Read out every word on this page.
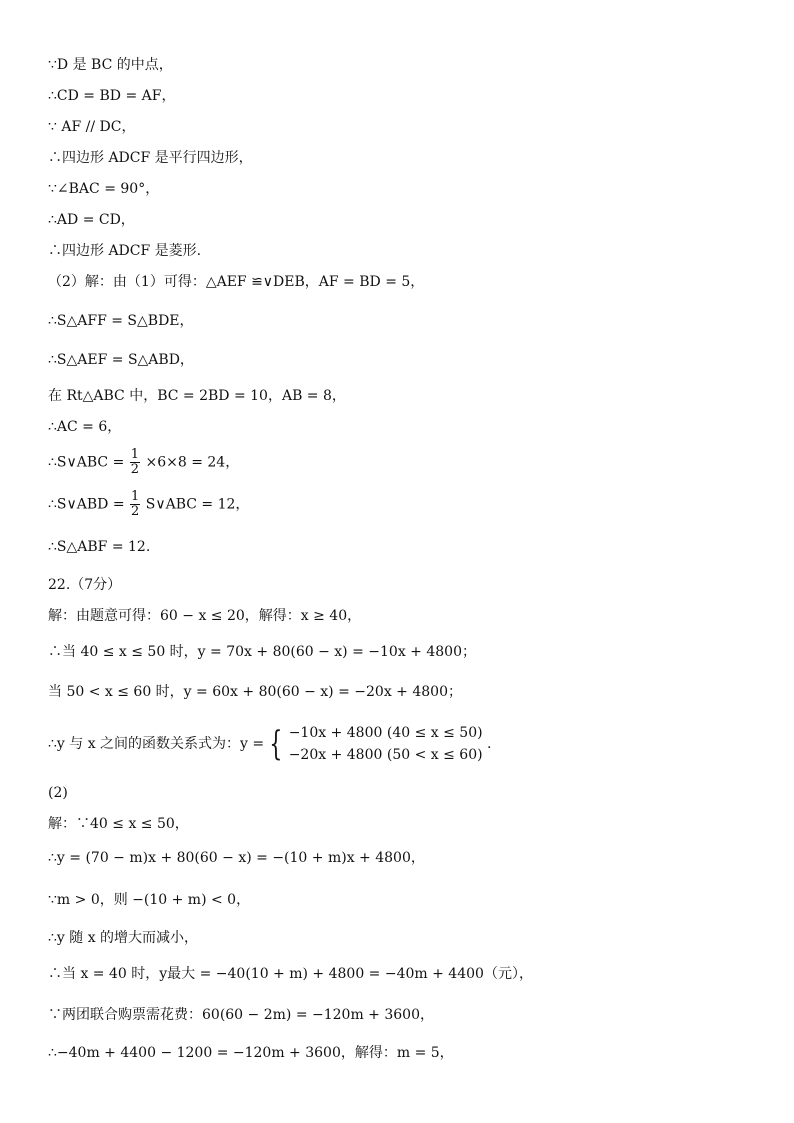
∵D 是 BC 的中点，
∴CD = BD = AF，
∵ AF // DC，
∴四边形 ADCF 是平行四边形，
∵∠BAC = 90°，
∴AD = CD，
∴四边形 ADCF 是菱形.
（2）解：由（1）可得：△AEF ≌∨DEB，AF = BD = 5，
∴S△AFF = S△BDE，
∴S△AEF = S△ABD，
在 Rt△ABC 中，BC = 2BD = 10，AB = 8，
∴AC = 6，
∴S∨ABC = $\frac{1}{2} \times 6\times 8 = 24$，
∴S∨ABD = $\frac{1}{2}$ S∨ABC = 12，
∴S△ABF = 12.
22.（7分）
解：由题意可得：60 − x ≤ 20，解得：x ≥ 40，
∴当 40 ≤ x ≤ 50 时，y = 70x + 80(60 − x) = −10x + 4800；
当 50 < x ≤ 60 时，y = 60x + 80(60 − x) = −20x + 4800；
∴y 与 x 之间的函数关系式为：y = { −10x + 4800 (40 ≤ x ≤ 50)
−20x + 4800 (50 < x ≤ 60)
.
(2)
解：∵40 ≤ x ≤ 50，
∴y = (70 − m)x + 80(60 − x) = −(10 + m)x + 4800，
∵m > 0，则 −(10 + m) < 0，
∴y 随 x 的增大而减小，
∴当 x = 40 时，y最大 = −40(10 + m) + 4800 = −40m + 4400（元），
∵两团联合购票需花费：60(60 − 2m) = −120m + 3600，
∴−40m + 4400 − 1200 = −120m + 3600，解得：m = 5，
